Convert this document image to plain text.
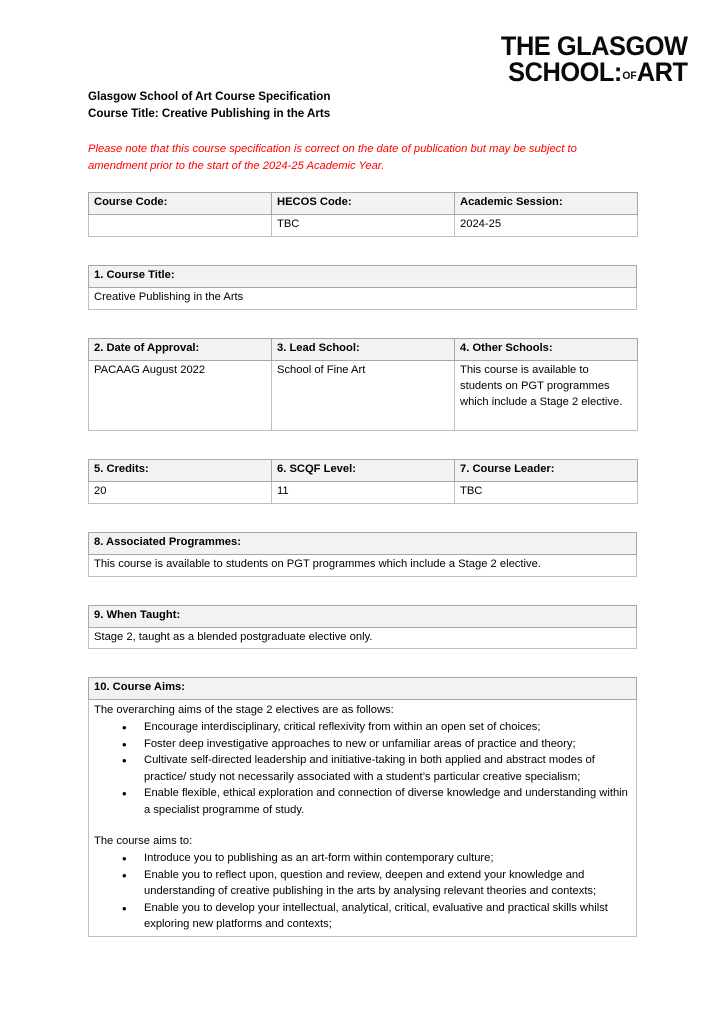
THE GLASGOW
SCHOOL:OFART
Glasgow School of Art Course Specification
Course Title: Creative Publishing in the Arts
Please note that this course specification is correct on the date of publication but may be subject to amendment prior to the start of the 2024-25 Academic Year.
Course Code:	HECOS Code:	Academic Session:
	TBC	2024-25
1. Course Title:
Creative Publishing in the Arts
2. Date of Approval:	3. Lead School:	4. Other Schools:
PACAAG August 2022	School of Fine Art	This course is available to students on PGT programmes which include a Stage 2 elective.
5. Credits:	6. SCQF Level:	7. Course Leader:
20	11	TBC
8. Associated Programmes:
This course is available to students on PGT programmes which include a Stage 2 elective.
9. When Taught:
Stage 2, taught as a blended postgraduate elective only.
10. Course Aims:

The overarching aims of the stage 2 electives are as follows:

• Encourage interdisciplinary, critical reflexivity from within an open set of choices;
• Foster deep investigative approaches to new or unfamiliar areas of practice and theory;
• Cultivate self-directed leadership and initiative-taking in both applied and abstract modes of practice/ study not necessarily associated with a student’s particular creative specialism;
• Enable flexible, ethical exploration and connection of diverse knowledge and understanding within a specialist programme of study.

The course aims to:

• Introduce you to publishing as an art-form within contemporary culture;
• Enable you to reflect upon, question and review, deepen and extend your knowledge and understanding of creative publishing in the arts by analysing relevant theories and contexts;
• Enable you to develop your intellectual, analytical, critical, evaluative and practical skills whilst exploring new platforms and contexts;
